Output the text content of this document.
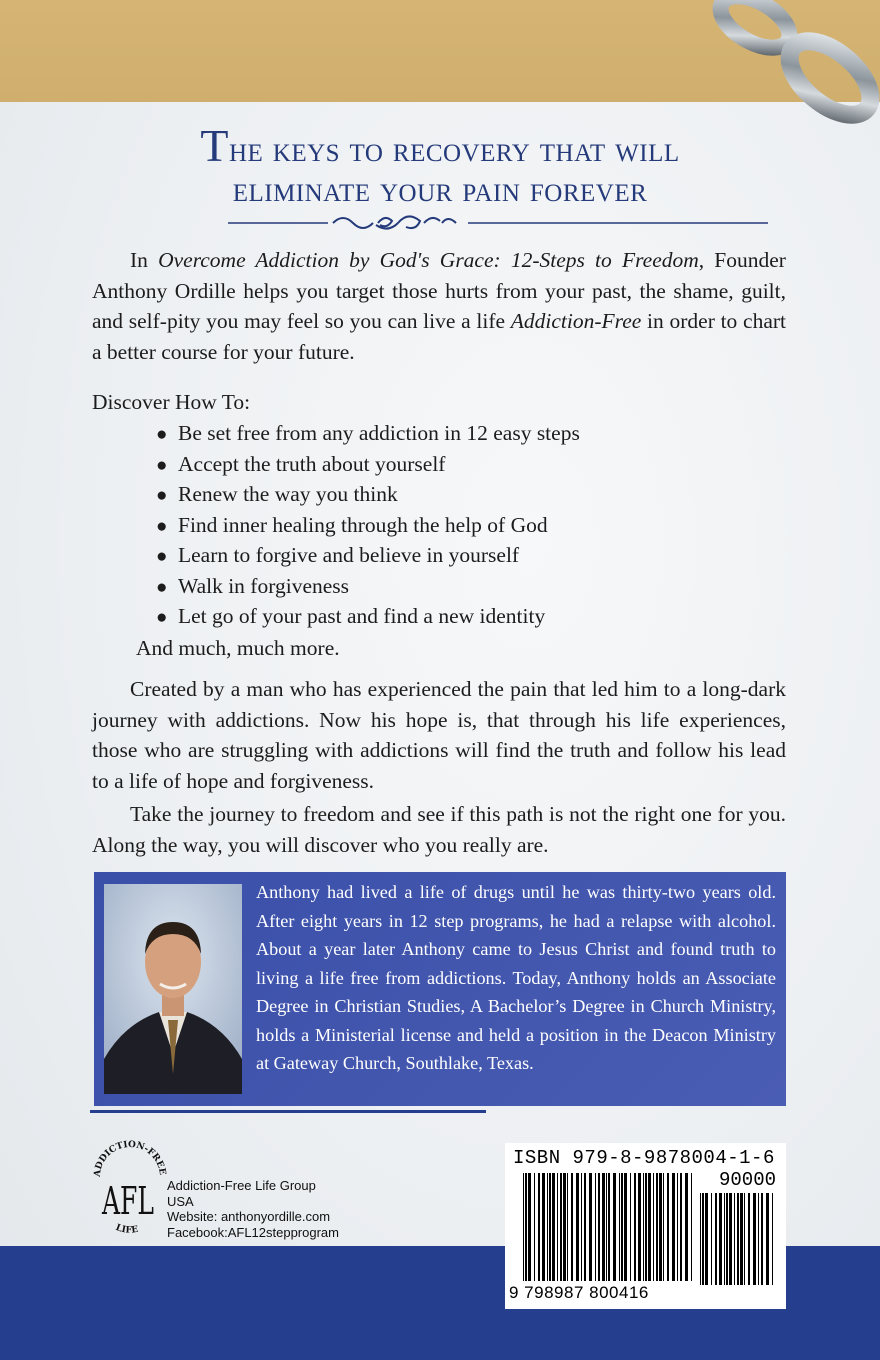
The keys to recovery that will
eliminate your pain forever

In Overcome Addiction by God's Grace: 12-Steps to Freedom, Founder Anthony Ordille helps you target those hurts from your past, the shame, guilt, and self-pity you may feel so you can live a life Addiction-Free in order to chart a better course for your future.

Discover How To:

● Be set free from any addiction in 12 easy steps
● Accept the truth about yourself
● Renew the way you think
● Find inner healing through the help of God
● Learn to forgive and believe in yourself
● Walk in forgiveness
● Let go of your past and find a new identity

And much, much more.

Created by a man who has experienced the pain that led him to a long-dark journey with addictions. Now his hope is, that through his life experiences, those who are struggling with addictions will find the truth and follow his lead to a life of hope and forgiveness.

Take the journey to freedom and see if this path is not the right one for you. Along the way, you will discover who you really are.

Anthony had lived a life of drugs until he was thirty-two years old. After eight years in 12 step programs, he had a relapse with alcohol. About a year later Anthony came to Jesus Christ and found truth to living a life free from addictions. Today, Anthony holds an Associate Degree in Christian Studies, A Bachelor’s Degree in Church Ministry, holds a Ministerial license and held a position in the Deacon Ministry at Gateway Church, Southlake, Texas.

ADDICTION-FREE
AFL
LIFE
Addiction-Free Life Group
USA
Website: anthonyordille.com
Facebook:AFL12stepprogram
ISBN 979-8-9878004-1-6
90000
9 798987 800416
